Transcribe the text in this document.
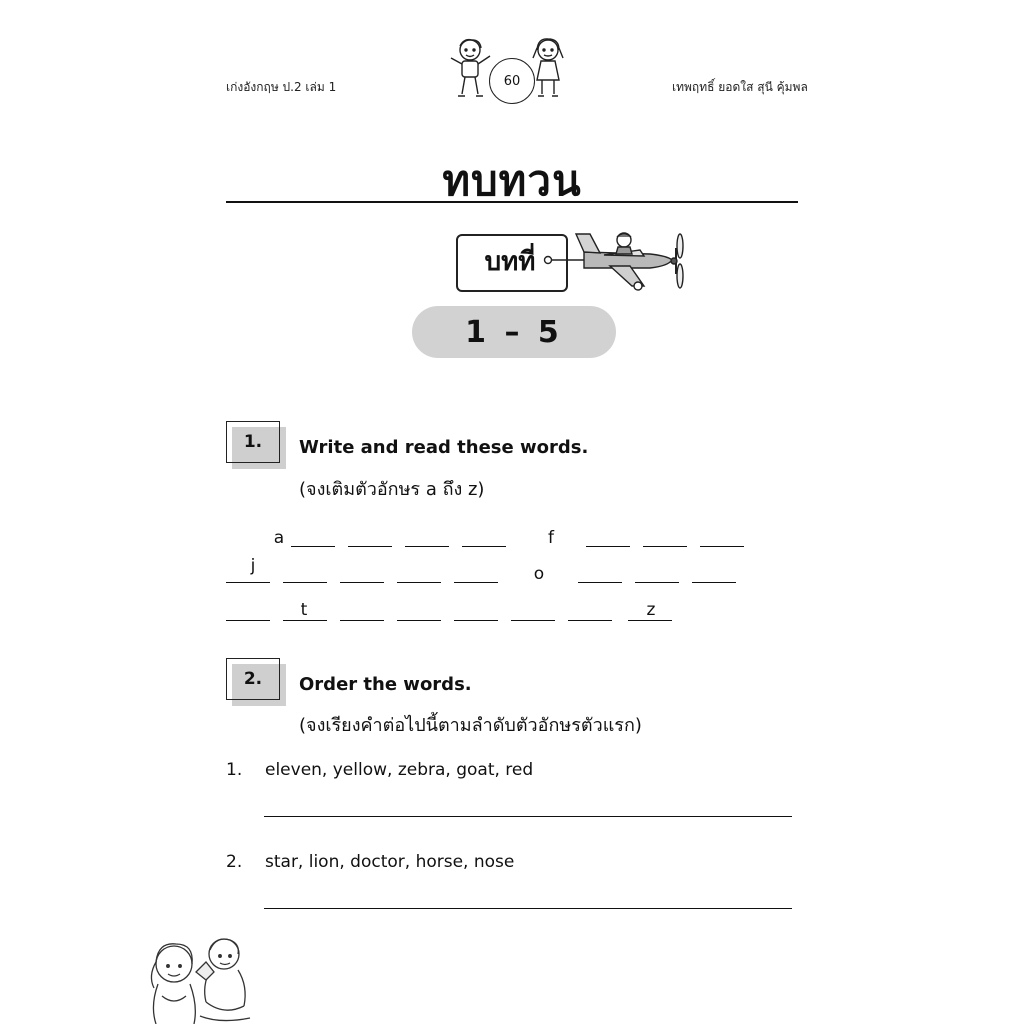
เก่งอังกฤษ ป.2 เล่ม 1	เทพฤทธิ์ ยอดใส สุนี คุ้มพล
60
ทบทวน
บทที่
1 – 5
1.	Write and read these words.
(จงเติมตัวอักษร a ถึง z)
a	f
j	o
t	z
2.	Order the words.
(จงเรียงคำต่อไปนี้ตามลำดับตัวอักษรตัวแรก)
1. eleven, yellow, zebra, goat, red
2. star, lion, doctor, horse, nose
